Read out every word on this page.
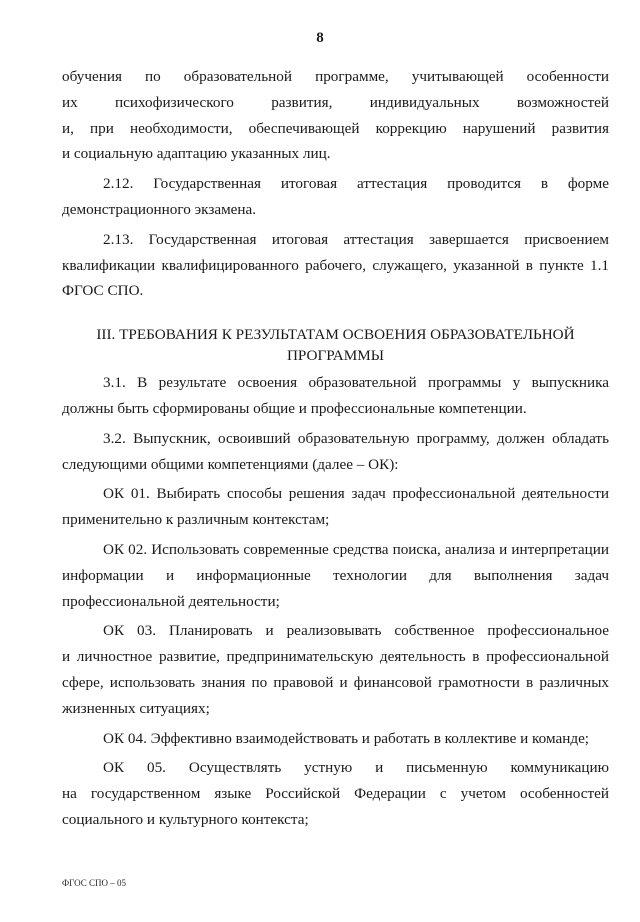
8
обучения по образовательной программе, учитывающей особенности
их психофизического развития, индивидуальных возможностей
и, при необходимости, обеспечивающей коррекцию нарушений развития
и социальную адаптацию указанных лиц.
2.12. Государственная итоговая аттестация проводится в форме
демонстрационного экзамена.
2.13. Государственная итоговая аттестация завершается присвоением
квалификации квалифицированного рабочего, служащего, указанной в пункте 1.1
ФГОС СПО.
III. ТРЕБОВАНИЯ К РЕЗУЛЬТАТАМ ОСВОЕНИЯ ОБРАЗОВАТЕЛЬНОЙ
ПРОГРАММЫ
3.1. В результате освоения образовательной программы у выпускника
должны быть сформированы общие и профессиональные компетенции.
3.2. Выпускник, освоивший образовательную программу, должен обладать
следующими общими компетенциями (далее – ОК):
ОК 01. Выбирать способы решения задач профессиональной деятельности
применительно к различным контекстам;
ОК 02. Использовать современные средства поиска, анализа и интерпретации
информации и информационные технологии для выполнения задач
профессиональной деятельности;
ОК 03. Планировать и реализовывать собственное профессиональное
и личностное развитие, предпринимательскую деятельность в профессиональной
сфере, использовать знания по правовой и финансовой грамотности в различных
жизненных ситуациях;
ОК 04. Эффективно взаимодействовать и работать в коллективе и команде;
ОК 05. Осуществлять устную и письменную коммуникацию
на государственном языке Российской Федерации с учетом особенностей
социального и культурного контекста;
ФГОС СПО – 05
